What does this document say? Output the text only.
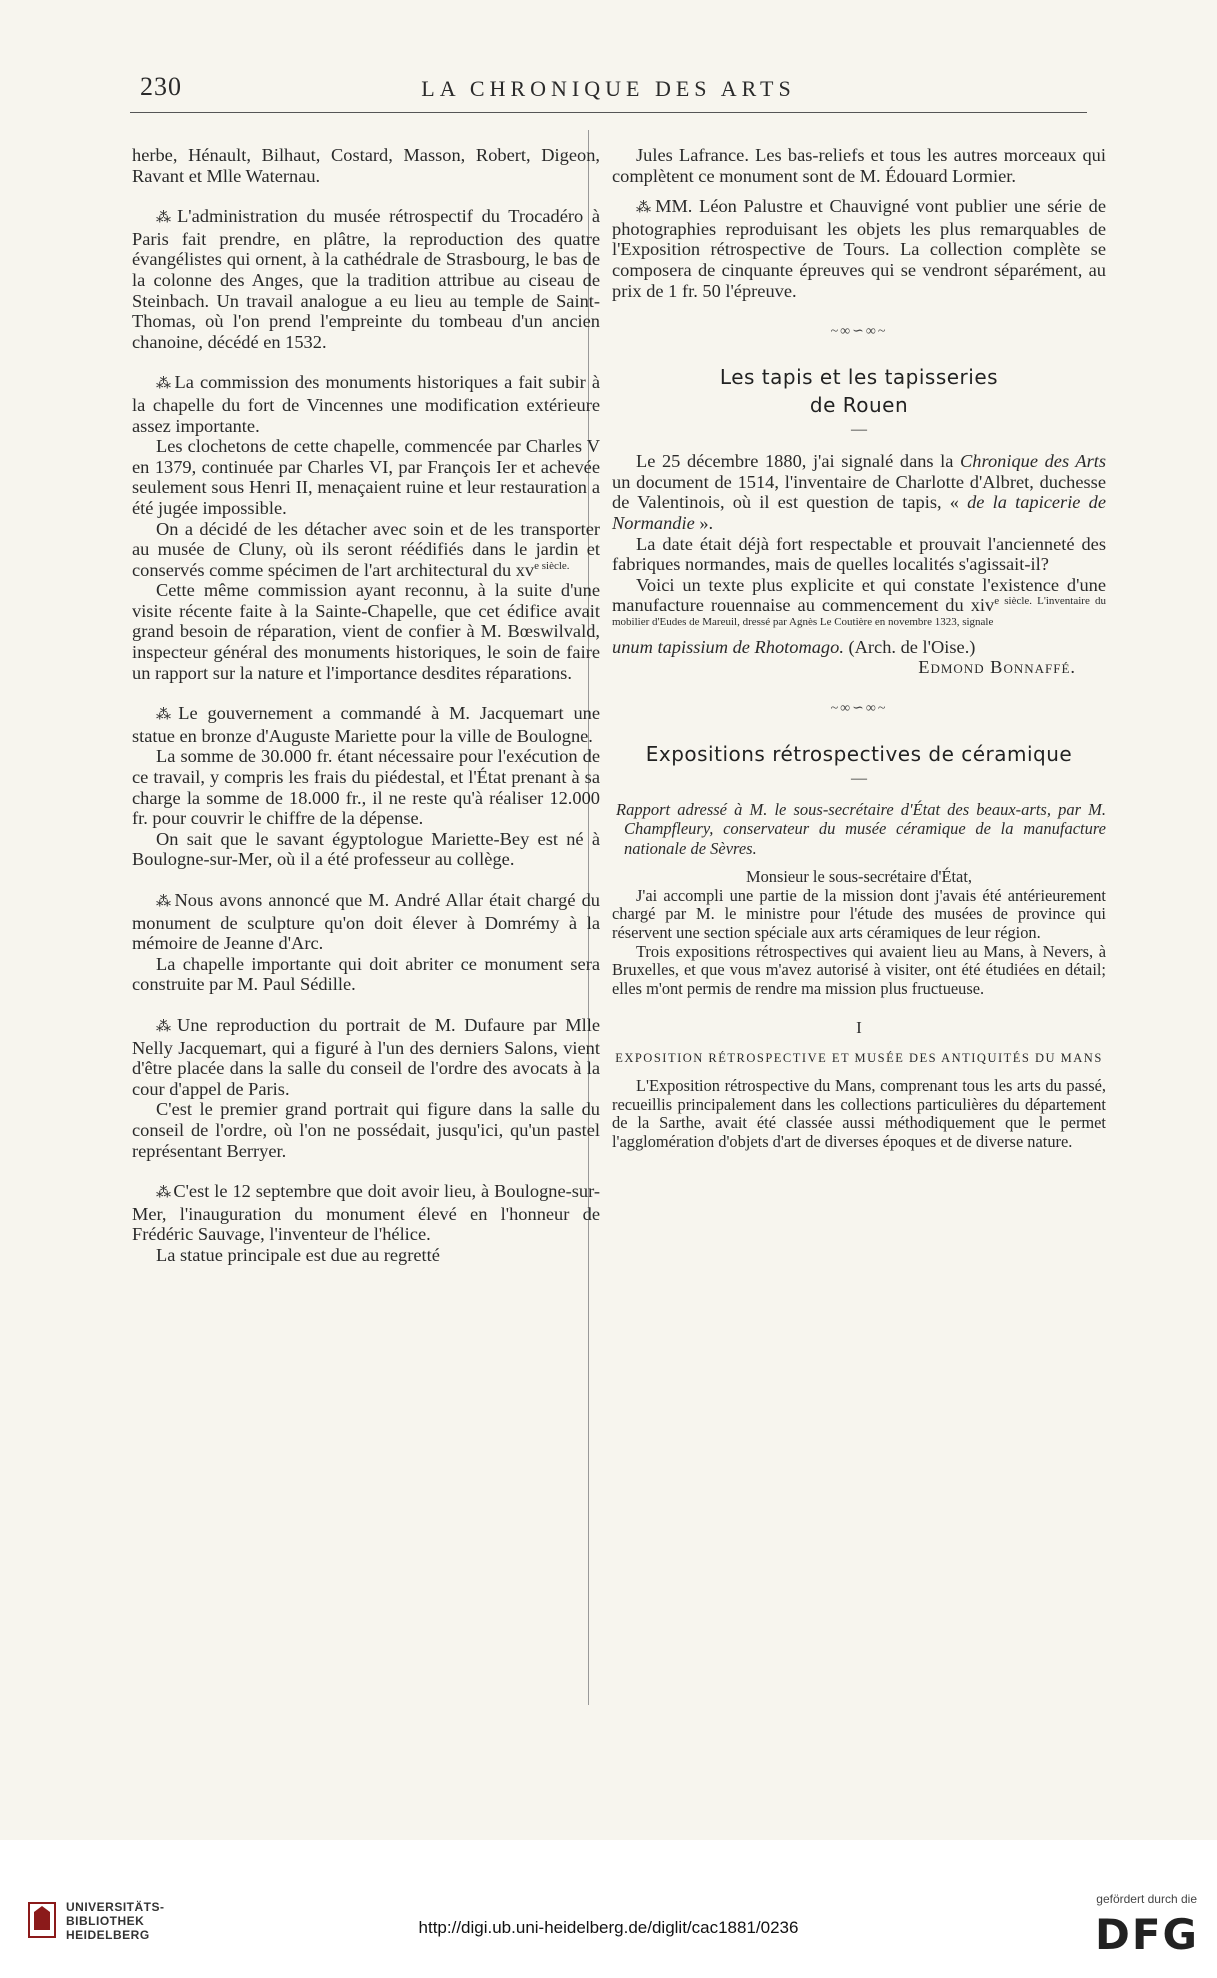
230	LA CHRONIQUE DES ARTS

herbe, Hénault, Bilhaut, Costard, Masson, Robert, Digeon, Ravant et Mlle Waternau.

⁂ L'administration du musée rétrospectif du Trocadéro à Paris fait prendre, en plâtre, la reproduction des quatre évangélistes qui ornent, à la cathédrale de Strasbourg, le bas de la colonne des Anges, que la tradition attribue au ciseau de Steinbach. Un travail analogue a eu lieu au temple de Saint-Thomas, où l'on prend l'empreinte du tombeau d'un ancien chanoine, décédé en 1532.

⁂ La commission des monuments historiques a fait subir à la chapelle du fort de Vincennes une modification extérieure assez importante.

Les clochetons de cette chapelle, commencée par Charles V en 1379, continuée par Charles VI, par François Ier et achevée seulement sous Henri II, menaçaient ruine et leur restauration a été jugée impossible.

On a décidé de les détacher avec soin et de les transporter au musée de Cluny, où ils seront réédifiés dans le jardin et conservés comme spécimen de l'art architectural du $xv^{e siècle.}$

Cette même commission ayant reconnu, à la suite d'une visite récente faite à la Sainte-Chapelle, que cet édifice avait grand besoin de réparation, vient de confier à M. Bœswilvald, inspecteur général des monuments historiques, le soin de faire un rapport sur la nature et l'importance desdites réparations.

⁂ Le gouvernement a commandé à M. Jacquemart une statue en bronze d'Auguste Mariette pour la ville de Boulogne.

La somme de 30.000 fr. étant nécessaire pour l'exécution de ce travail, y compris les frais du piédestal, et l'État prenant à sa charge la somme de 18.000 fr., il ne reste qu'à réaliser 12.000 fr. pour couvrir le chiffre de la dépense.

On sait que le savant égyptologue Mariette-Bey est né à Boulogne-sur-Mer, où il a été professeur au collège.

⁂ Nous avons annoncé que M. André Allar était chargé du monument de sculpture qu'on doit élever à Domrémy à la mémoire de Jeanne d'Arc.

La chapelle importante qui doit abriter ce monument sera construite par M. Paul Sédille.

⁂ Une reproduction du portrait de M. Dufaure par Mlle Nelly Jacquemart, qui a figuré à l'un des derniers Salons, vient d'être placée dans la salle du conseil de l'ordre des avocats à la cour d'appel de Paris.

C'est le premier grand portrait qui figure dans la salle du conseil de l'ordre, où l'on ne possédait, jusqu'ici, qu'un pastel représentant Berryer.

⁂ C'est le 12 septembre que doit avoir lieu, à Boulogne-sur-Mer, l'inauguration du monument élevé en l'honneur de Frédéric Sauvage, l'inventeur de l'hélice.

La statue principale est due au regretté

Jules Lafrance. Les bas-reliefs et tous les autres morceaux qui complètent ce monument sont de M. Édouard Lormier.

⁂ MM. Léon Palustre et Chauvigné vont publier une série de photographies reproduisant les objets les plus remarquables de l'Exposition rétrospective de Tours. La collection complète se composera de cinquante épreuves qui se vendront séparément, au prix de 1 fr. 50 l'épreuve.

~∞∽∞~
Les tapis et les tapisseries
de Rouen
—

Le 25 décembre 1880, j'ai signalé dans la Chronique des Arts un document de 1514, l'inventaire de Charlotte d'Albret, duchesse de Valentinois, où il est question de tapis, « de la tapicerie de Normandie ».

La date était déjà fort respectable et prouvait l'ancienneté des fabriques normandes, mais de quelles localités s'agissait-il?

Voici un texte plus explicite et qui constate l'existence d'une manufacture rouennaise au commencement du xiv$^{e siècle. L'inventaire du mobilier d'Eudes de Mareuil, dressé par Agnès Le Coutière en novembre 1323, signale}$

unum tapissium de Rhotomago. (Arch. de l'Oise.)

Edmond Bonnaffé.

~∞∽∞~
Expositions rétrospectives de céramique
—

Rapport adressé à M. le sous-secrétaire d'État des beaux-arts, par M. Champfleury, conservateur du musée céramique de la manufacture nationale de Sèvres.

Monsieur le sous-secrétaire d'État,

J'ai accompli une partie de la mission dont j'avais été antérieurement chargé par M. le ministre pour l'étude des musées de province qui réservent une section spéciale aux arts céramiques de leur région.

Trois expositions rétrospectives qui avaient lieu au Mans, à Nevers, à Bruxelles, et que vous m'avez autorisé à visiter, ont été étudiées en détail; elles m'ont permis de rendre ma mission plus fructueuse.

I
EXPOSITION RÉTROSPECTIVE ET MUSÉE DES ANTIQUITÉS DU MANS

L'Exposition rétrospective du Mans, comprenant tous les arts du passé, recueillis principalement dans les collections particulières du département de la Sarthe, avait été classée aussi méthodiquement que le permet l'agglomération d'objets d'art de diverses époques et de diverse nature.

UNIVERSITÄTS-
BIBLIOTHEK
HEIDELBERG	http://digi.ub.uni-heidelberg.de/diglit/cac1881/0236
gefördert durch die
DFG
